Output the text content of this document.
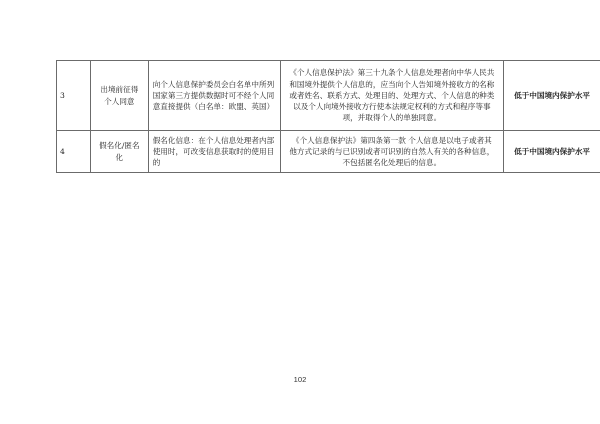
3	出境前征得个人同意	向个人信息保护委员会白名单中所列国家第三方提供数据时可不经个人同意直接提供（白名单：欧盟、英国）	《个人信息保护法》第三十九条个人信息处理者向中华人民共和国境外提供个人信息的，应当向个人告知境外接收方的名称或者姓名、联系方式、处理目的、处理方式、个人信息的种类以及个人向境外接收方行使本法规定权利的方式和程序等事项，并取得个人的单独同意。	低于中国境内保护水平
4	假名化/匿名化	假名化信息：在个人信息处理者内部使用时，可改变信息获取时的使用目的	《个人信息保护法》第四条第一款 个人信息是以电子或者其他方式记录的与已识别或者可识别的自然人有关的各种信息，不包括匿名化处理后的信息。	低于中国境内保护水平
102
